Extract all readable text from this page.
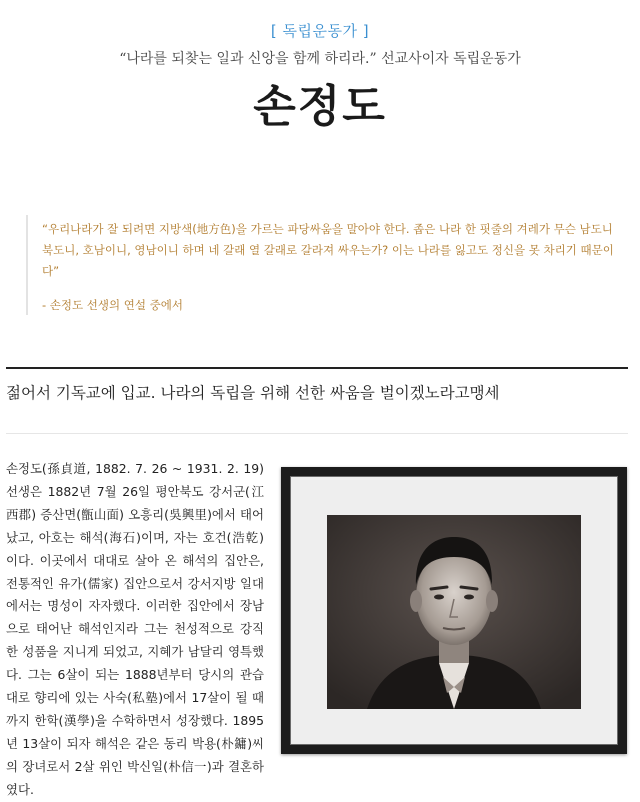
[ 독립운동가 ]
“나라를 되찾는 일과 신앙을 함께 하리라.” 선교사이자 독립운동가
손정도

“우리나라가 잘 되려면 지방색(地方色)을 가르는 파당싸움을 말아야 한다. 좁은 나라 한 핏줄의 겨레가 무슨 남도니 북도니, 호남이니, 영남이니 하며 네 갈래 열 갈래로 갈라져 싸우는가? 이는 나라를 잃고도 정신을 못 차리기 때문이다”

- 손정도 선생의 연설 중에서
젊어서 기독교에 입교. 나라의 독립을 위해 선한 싸움을 벌이겠노라고맹세

손정도(孫貞道, 1882. 7. 26 ~ 1931. 2. 19) 선생은 1882년 7월 26일 평안북도 강서군(江西郡) 증산면(甑山面) 오흥리(吳興里)에서 태어났고, 아호는 해석(海石)이며, 자는 호건(浩乾)이다. 이곳에서 대대로 살아 온 해석의 집안은, 전통적인 유가(儒家) 집안으로서 강서지방 일대에서는 명성이 자자했다. 이러한 집안에서 장남으로 태어난 해석인지라 그는 천성적으로 강직한 성품을 지니게 되었고, 지혜가 남달리 영특했다. 그는 6살이 되는 1888년부터 당시의 관습대로 향리에 있는 사숙(私塾)에서 17살이 될 때까지 한학(漢學)을 수학하면서 성장했다. 1895년 13살이 되자 해석은 같은 동리 박용(朴鏞)씨의 장녀로서 2살 위인 박신일(朴信一)과 결혼하였다.
